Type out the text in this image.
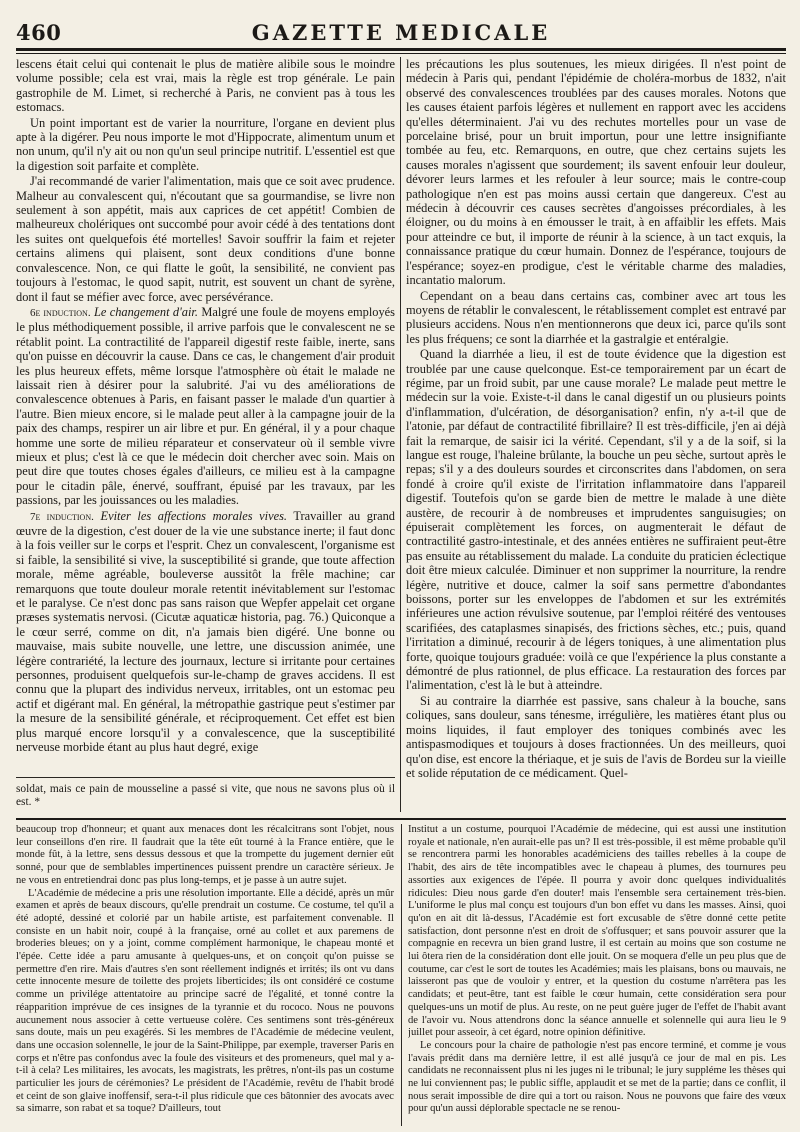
GAZETTE MEDICALE
460

lescens était celui qui contenait le plus de matière alibile sous le moindre volume possible; cela est vrai, mais la règle est trop générale. Le pain gastrophile de M. Limet, si recherché à Paris, ne convient pas à tous les estomacs.

Un point important est de varier la nourriture, l'organe en devient plus apte à la digérer. Peu nous importe le mot d'Hippocrate, alimentum unum et non unum, qu'il n'y ait ou non qu'un seul principe nutritif. L'essentiel est que la digestion soit parfaite et complète.

J'ai recommandé de varier l'alimentation, mais que ce soit avec prudence. Malheur au convalescent qui, n'écoutant que sa gourmandise, se livre non seulement à son appétit, mais aux caprices de cet appétit! Combien de malheureux cholériques ont succombé pour avoir cédé à des tentations dont les suites ont quelquefois été mortelles! Savoir souffrir la faim et rejeter certains alimens qui plaisent, sont deux conditions d'une bonne convalescence. Non, ce qui flatte le goût, la sensibilité, ne convient pas toujours à l'estomac, le quod sapit, nutrit, est souvent un chant de syrène, dont il faut se méfier avec force, avec persévérance.

6e induction. Le changement d'air. Malgré une foule de moyens employés le plus méthodiquement possible, il arrive parfois que le convalescent ne se rétablit point. La contractilité de l'appareil digestif reste faible, inerte, sans qu'on puisse en découvrir la cause. Dans ce cas, le changement d'air produit les plus heureux effets, même lorsque l'atmosphère où était le malade ne laissait rien à désirer pour la salubrité. J'ai vu des améliorations de convalescence obtenues à Paris, en faisant passer le malade d'un quartier à l'autre. Bien mieux encore, si le malade peut aller à la campagne jouir de la paix des champs, respirer un air libre et pur. En général, il y a pour chaque homme une sorte de milieu réparateur et conservateur où il semble vivre mieux et plus; c'est là ce que le médecin doit chercher avec soin. Mais on peut dire que toutes choses égales d'ailleurs, ce milieu est à la campagne pour le citadin pâle, énervé, souffrant, épuisé par les travaux, par les passions, par les jouissances ou les maladies.

7e induction. Eviter les affections morales vives. Travailler au grand œuvre de la digestion, c'est douer de la vie une substance inerte; il faut donc à la fois veiller sur le corps et l'esprit. Chez un convalescent, l'organisme est si faible, la sensibilité si vive, la susceptibilité si grande, que toute affection morale, même agréable, bouleverse aussitôt la frêle machine; car remarquons que toute douleur morale retentit inévitablement sur l'estomac et le paralyse. Ce n'est donc pas sans raison que Wepfer appelait cet organe præses systematis nervosi. (Cicutæ aquaticæ historia, pag. 76.) Quiconque a le cœur serré, comme on dit, n'a jamais bien digéré. Une bonne ou mauvaise, mais subite nouvelle, une lettre, une discussion animée, une légère contrariété, la lecture des journaux, lecture si irritante pour certaines personnes, produisent quelquefois sur-le-champ de graves accidens. Il est connu que la plupart des individus nerveux, irritables, ont un estomac peu actif et digérant mal. En général, la métropathie gastrique peut s'estimer par la mesure de la sensibilité générale, et réciproquement. Cet effet est bien plus marqué encore lorsqu'il y a convalescence, que la susceptibilité nerveuse morbide étant au plus haut degré, exige

les précautions les plus soutenues, les mieux dirigées. Il n'est point de médecin à Paris qui, pendant l'épidémie de choléra-morbus de 1832, n'ait observé des convalescences troublées par des causes morales. Notons que les causes étaient parfois légères et nullement en rapport avec les accidens qu'elles déterminaient. J'ai vu des rechutes mortelles pour un vase de porcelaine brisé, pour un bruit importun, pour une lettre insignifiante tombée au feu, etc. Remarquons, en outre, que chez certains sujets les causes morales n'agissent que sourdement; ils savent enfouir leur douleur, dévorer leurs larmes et les refouler à leur source; mais le contre-coup pathologique n'en est pas moins aussi certain que dangereux. C'est au médecin à découvrir ces causes secrètes d'angoisses précordiales, à les éloigner, ou du moins à en émousser le trait, à en affaiblir les effets. Mais pour atteindre ce but, il importe de réunir à la science, à un tact exquis, la connaissance pratique du cœur humain. Donnez de l'espérance, toujours de l'espérance; soyez-en prodigue, c'est le véritable charme des maladies, incantatio malorum.

Cependant on a beau dans certains cas, combiner avec art tous les moyens de rétablir le convalescent, le rétablissement complet est entravé par plusieurs accidens. Nous n'en mentionnerons que deux ici, parce qu'ils sont les plus fréquens; ce sont la diarrhée et la gastralgie et entéralgie.

Quand la diarrhée a lieu, il est de toute évidence que la digestion est troublée par une cause quelconque. Est-ce temporairement par un écart de régime, par un froid subit, par une cause morale? Le malade peut mettre le médecin sur la voie. Existe-t-il dans le canal digestif un ou plusieurs points d'inflammation, d'ulcération, de désorganisation? enfin, n'y a-t-il que de l'atonie, par défaut de contractilité fibrillaire? Il est très-difficile, j'en ai déjà fait la remarque, de saisir ici la vérité. Cependant, s'il y a de la soif, si la langue est rouge, l'haleine brûlante, la bouche un peu sèche, surtout après le repas; s'il y a des douleurs sourdes et circonscrites dans l'abdomen, on sera fondé à croire qu'il existe de l'irritation inflammatoire dans l'appareil digestif. Toutefois qu'on se garde bien de mettre le malade à une diète austère, de recourir à de nombreuses et imprudentes sanguisugies; on épuiserait complètement les forces, on augmenterait le défaut de contractilité gastro-intestinale, et des années entières ne suffiraient peut-être pas ensuite au rétablissement du malade. La conduite du praticien éclectique doit être mieux calculée. Diminuer et non supprimer la nourriture, la rendre légère, nutritive et douce, calmer la soif sans permettre d'abondantes boissons, porter sur les enveloppes de l'abdomen et sur les extrémités inférieures une action révulsive soutenue, par l'emploi réitéré des ventouses scarifiées, des cataplasmes sinapisés, des frictions sèches, etc.; puis, quand l'irritation a diminué, recourir à de légers toniques, à une alimentation plus forte, quoique toujours graduée: voilà ce que l'expérience la plus constante a démontré de plus rationnel, de plus efficace. La restauration des forces par l'alimentation, c'est là le but à atteindre.

Si au contraire la diarrhée est passive, sans chaleur à la bouche, sans coliques, sans douleur, sans ténesme, irrégulière, les matières étant plus ou moins liquides, il faut employer des toniques combinés avec les antispasmodiques et toujours à doses fractionnées. Un des meilleurs, quoi qu'on dise, est encore la thériaque, et je suis de l'avis de Bordeu sur la vieille et solide réputation de ce médicament. Quel-

soldat, mais ce pain de mousseline a passé si vite, que nous ne savons plus où il est. *

beaucoup trop d'honneur; et quant aux menaces dont les récalcitrans sont l'objet, nous leur conseillons d'en rire. Il faudrait que la tête eût tourné à la France entière, que le monde fût, à la lettre, sens dessus dessous et que la trompette du jugement dernier eût sonné, pour que de semblables impertinences puissent prendre un caractère sérieux. Je ne vous en entretiendrai donc pas plus long-temps, et je passe à un autre sujet.

L'Académie de médecine a pris une résolution importante. Elle a décidé, après un mûr examen et après de beaux discours, qu'elle prendrait un costume. Ce costume, tel qu'il a été adopté, dessiné et colorié par un habile artiste, est parfaitement convenable. Il consiste en un habit noir, coupé à la française, orné au collet et aux paremens de broderies bleues; on y a joint, comme complément harmonique, le chapeau monté et l'épée. Cette idée a paru amusante à quelques-uns, et on conçoit qu'on puisse se permettre d'en rire. Mais d'autres s'en sont réellement indignés et irrités; ils ont vu dans cette innocente mesure de toilette des projets liberticides; ils ont considéré ce costume comme un privilége attentatoire au principe sacré de l'égalité, et tonné contre la réapparition imprévue de ces insignes de la tyrannie et du rococo. Nous ne pouvons aucunement nous associer à cette vertueuse colère. Ces sentimens sont très-généreux sans doute, mais un peu exagérés. Si les membres de l'Académie de médecine veulent, dans une occasion solennelle, le jour de la Saint-Philippe, par exemple, traverser Paris en corps et n'être pas confondus avec la foule des visiteurs et des promeneurs, quel mal y a-t-il à cela? Les militaires, les avocats, les magistrats, les prêtres, n'ont-ils pas un costume particulier les jours de cérémonies? Le président de l'Académie, revêtu de l'habit brodé et ceint de son glaive inoffensif, sera-t-il plus ridicule que ces bâtonnier des avocats avec sa simarre, son rabat et sa toque? D'ailleurs, tout

Institut a un costume, pourquoi l'Académie de médecine, qui est aussi une institution royale et nationale, n'en aurait-elle pas un? Il est très-possible, il est même probable qu'il se rencontrera parmi les honorables académiciens des tailles rebelles à la coupe de l'habit, des airs de tête incompatibles avec le chapeau à plumes, des tournures peu assorties aux exigences de l'épée. Il pourra y avoir donc quelques individualités ridicules: Dieu nous garde d'en douter! mais l'ensemble sera certainement très-bien. L'uniforme le plus mal conçu est toujours d'un bon effet vu dans les masses. Ainsi, quoi qu'on en ait dit là-dessus, l'Académie est fort excusable de s'être donné cette petite satisfaction, dont personne n'est en droit de s'offusquer; et sans pouvoir assurer que la compagnie en recevra un bien grand lustre, il est certain au moins que son costume ne lui ôtera rien de la considération dont elle jouit. On se moquera d'elle un peu plus que de coutume, car c'est le sort de toutes les Académies; mais les plaisans, bons ou mauvais, ne laisseront pas que de vouloir y entrer, et la question du costume n'arrêtera pas les candidats; et peut-être, tant est faible le cœur humain, cette considération sera pour quelques-uns un motif de plus. Au reste, on ne peut guère juger de l'effet de l'habit avant de l'avoir vu. Nous attendrons donc la séance annuelle et solennelle qui aura lieu le 9 juillet pour asseoir, à cet égard, notre opinion définitive.

Le concours pour la chaire de pathologie n'est pas encore terminé, et comme je vous l'avais prédit dans ma dernière lettre, il est allé jusqu'à ce jour de mal en pis. Les candidats ne reconnaissent plus ni les juges ni le tribunal; le jury suppléme les thèses qui ne lui conviennent pas; le public siffle, applaudit et se met de la partie; dans ce conflit, il nous serait impossible de dire qui a tort ou raison. Nous ne pouvons que faire des vœux pour qu'un aussi déplorable spectacle ne se renou-
